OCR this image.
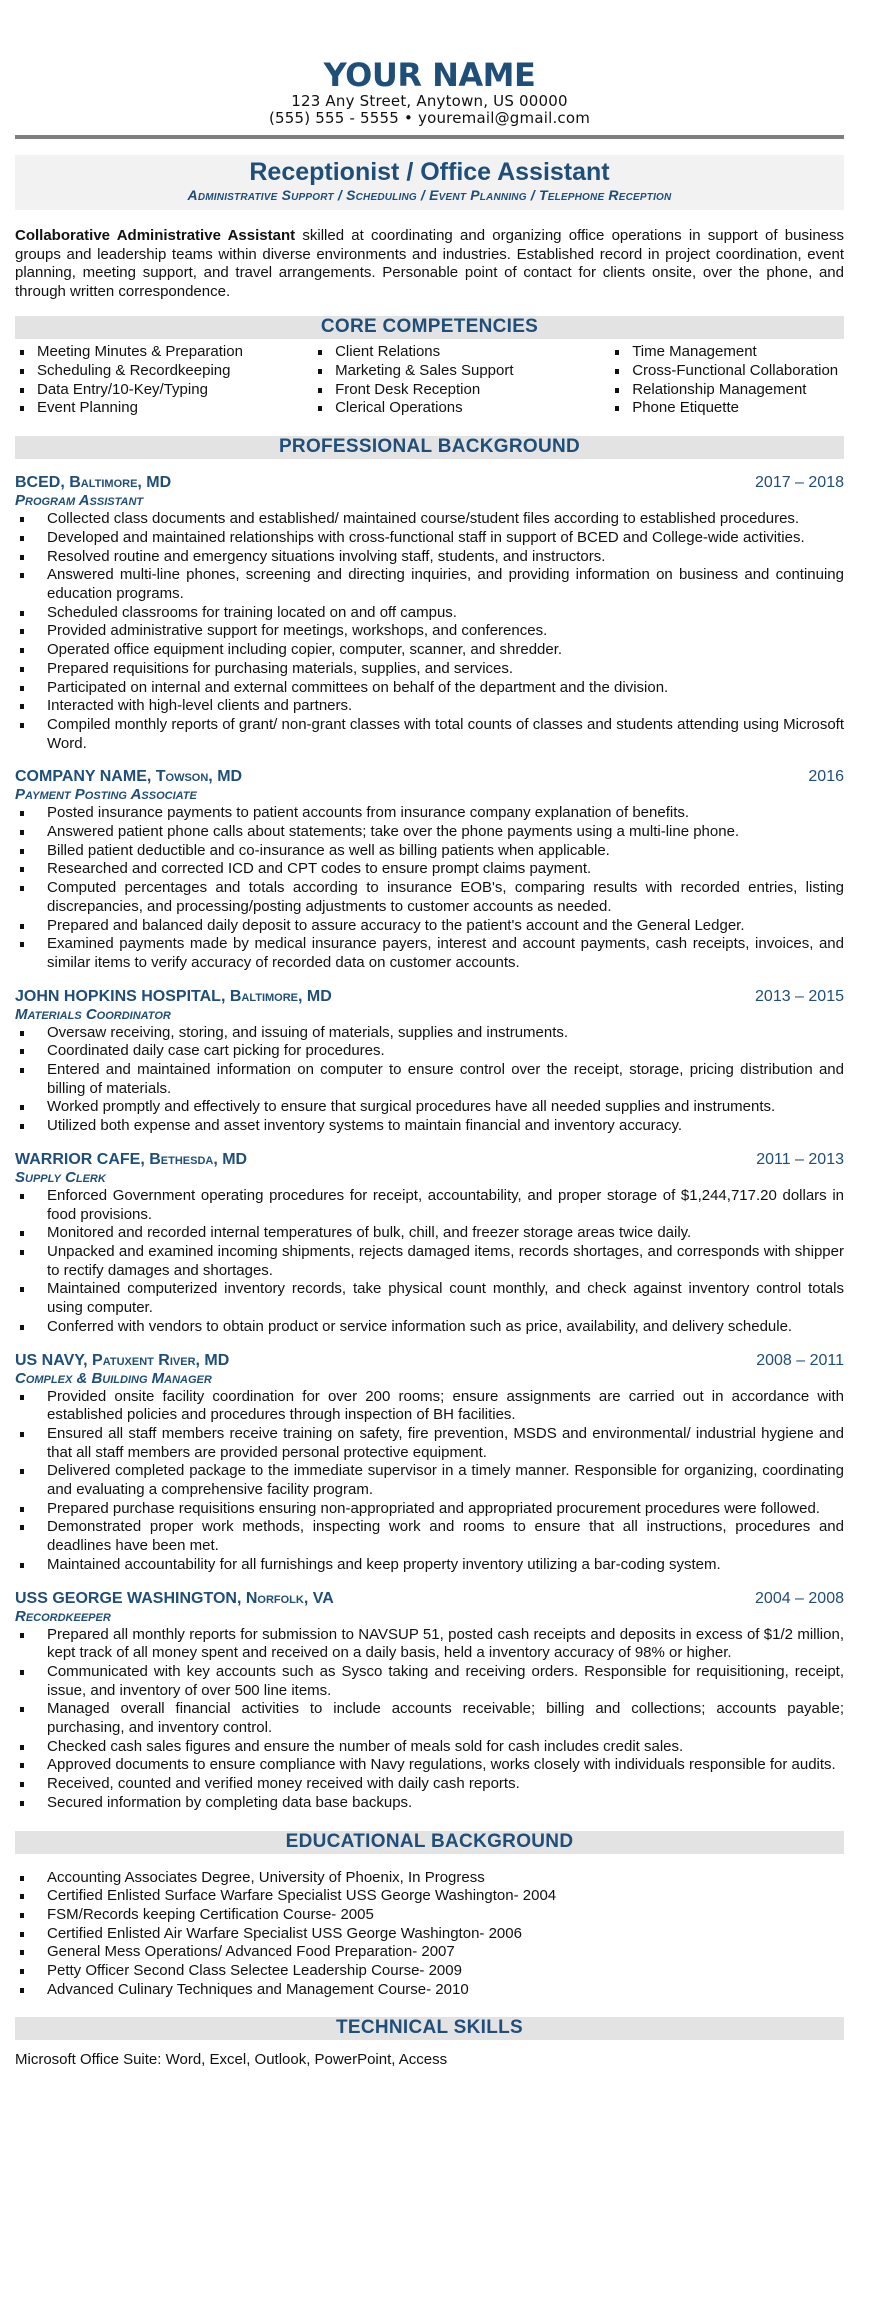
YOUR NAME
123 Any Street, Anytown, US 00000
(555) 555 - 5555 • youremail@gmail.com
Receptionist / Office Assistant
Administrative Support / Scheduling / Event Planning / Telephone Reception

Collaborative Administrative Assistant skilled at coordinating and organizing office operations in support of business groups and leadership teams within diverse environments and industries. Established record in project coordination, event planning, meeting support, and travel arrangements. Personable point of contact for clients onsite, over the phone, and through written correspondence.

CORE COMPETENCIES
Meeting Minutes & Preparation
Scheduling & Recordkeeping
Data Entry/10-Key/Typing
Event Planning
Client Relations
Marketing & Sales Support
Front Desk Reception
Clerical Operations
Time Management
Cross-Functional Collaboration
Relationship Management
Phone Etiquette
PROFESSIONAL BACKGROUND
BCED, Baltimore, MD	2017 – 2018
Program Assistant
Collected class documents and established/ maintained course/student files according to established procedures.
Developed and maintained relationships with cross-functional staff in support of BCED and College-wide activities.
Resolved routine and emergency situations involving staff, students, and instructors.
Answered multi-line phones, screening and directing inquiries, and providing information on business and continuing education programs.
Scheduled classrooms for training located on and off campus.
Provided administrative support for meetings, workshops, and conferences.
Operated office equipment including copier, computer, scanner, and shredder.
Prepared requisitions for purchasing materials, supplies, and services.
Participated on internal and external committees on behalf of the department and the division.
Interacted with high-level clients and partners.
Compiled monthly reports of grant/ non-grant classes with total counts of classes and students attending using Microsoft Word.
COMPANY NAME, Towson, MD	2016
Payment Posting Associate
Posted insurance payments to patient accounts from insurance company explanation of benefits.
Answered patient phone calls about statements; take over the phone payments using a multi-line phone.
Billed patient deductible and co-insurance as well as billing patients when applicable.
Researched and corrected ICD and CPT codes to ensure prompt claims payment.
Computed percentages and totals according to insurance EOB's, comparing results with recorded entries, listing discrepancies, and processing/posting adjustments to customer accounts as needed.
Prepared and balanced daily deposit to assure accuracy to the patient's account and the General Ledger.
Examined payments made by medical insurance payers, interest and account payments, cash receipts, invoices, and similar items to verify accuracy of recorded data on customer accounts.
JOHN HOPKINS HOSPITAL, Baltimore, MD	2013 – 2015
Materials Coordinator
Oversaw receiving, storing, and issuing of materials, supplies and instruments.
Coordinated daily case cart picking for procedures.
Entered and maintained information on computer to ensure control over the receipt, storage, pricing distribution and billing of materials.
Worked promptly and effectively to ensure that surgical procedures have all needed supplies and instruments.
Utilized both expense and asset inventory systems to maintain financial and inventory accuracy.
WARRIOR CAFE, Bethesda, MD	2011 – 2013
Supply Clerk
Enforced Government operating procedures for receipt, accountability, and proper storage of $1,244,717.20 dollars in food provisions.
Monitored and recorded internal temperatures of bulk, chill, and freezer storage areas twice daily.
Unpacked and examined incoming shipments, rejects damaged items, records shortages, and corresponds with shipper to rectify damages and shortages.
Maintained computerized inventory records, take physical count monthly, and check against inventory control totals using computer.
Conferred with vendors to obtain product or service information such as price, availability, and delivery schedule.
US NAVY, Patuxent River, MD	2008 – 2011
Complex & Building Manager
Provided onsite facility coordination for over 200 rooms; ensure assignments are carried out in accordance with established policies and procedures through inspection of BH facilities.
Ensured all staff members receive training on safety, fire prevention, MSDS and environmental/ industrial hygiene and that all staff members are provided personal protective equipment.
Delivered completed package to the immediate supervisor in a timely manner. Responsible for organizing, coordinating and evaluating a comprehensive facility program.
Prepared purchase requisitions ensuring non-appropriated and appropriated procurement procedures were followed.
Demonstrated proper work methods, inspecting work and rooms to ensure that all instructions, procedures and deadlines have been met.
Maintained accountability for all furnishings and keep property inventory utilizing a bar-coding system.
USS GEORGE WASHINGTON, Norfolk, VA	2004 – 2008
Recordkeeper
Prepared all monthly reports for submission to NAVSUP 51, posted cash receipts and deposits in excess of $1/2 million, kept track of all money spent and received on a daily basis, held a inventory accuracy of 98% or higher.
Communicated with key accounts such as Sysco taking and receiving orders. Responsible for requisitioning, receipt, issue, and inventory of over 500 line items.
Managed overall financial activities to include accounts receivable; billing and collections; accounts payable; purchasing, and inventory control.
Checked cash sales figures and ensure the number of meals sold for cash includes credit sales.
Approved documents to ensure compliance with Navy regulations, works closely with individuals responsible for audits.
Received, counted and verified money received with daily cash reports.
Secured information by completing data base backups.
EDUCATIONAL BACKGROUND
Accounting Associates Degree, University of Phoenix, In Progress
Certified Enlisted Surface Warfare Specialist USS George Washington- 2004
FSM/Records keeping Certification Course- 2005
Certified Enlisted Air Warfare Specialist USS George Washington- 2006
General Mess Operations/ Advanced Food Preparation- 2007
Petty Officer Second Class Selectee Leadership Course- 2009
Advanced Culinary Techniques and Management Course- 2010
TECHNICAL SKILLS
Microsoft Office Suite: Word, Excel, Outlook, PowerPoint, Access
